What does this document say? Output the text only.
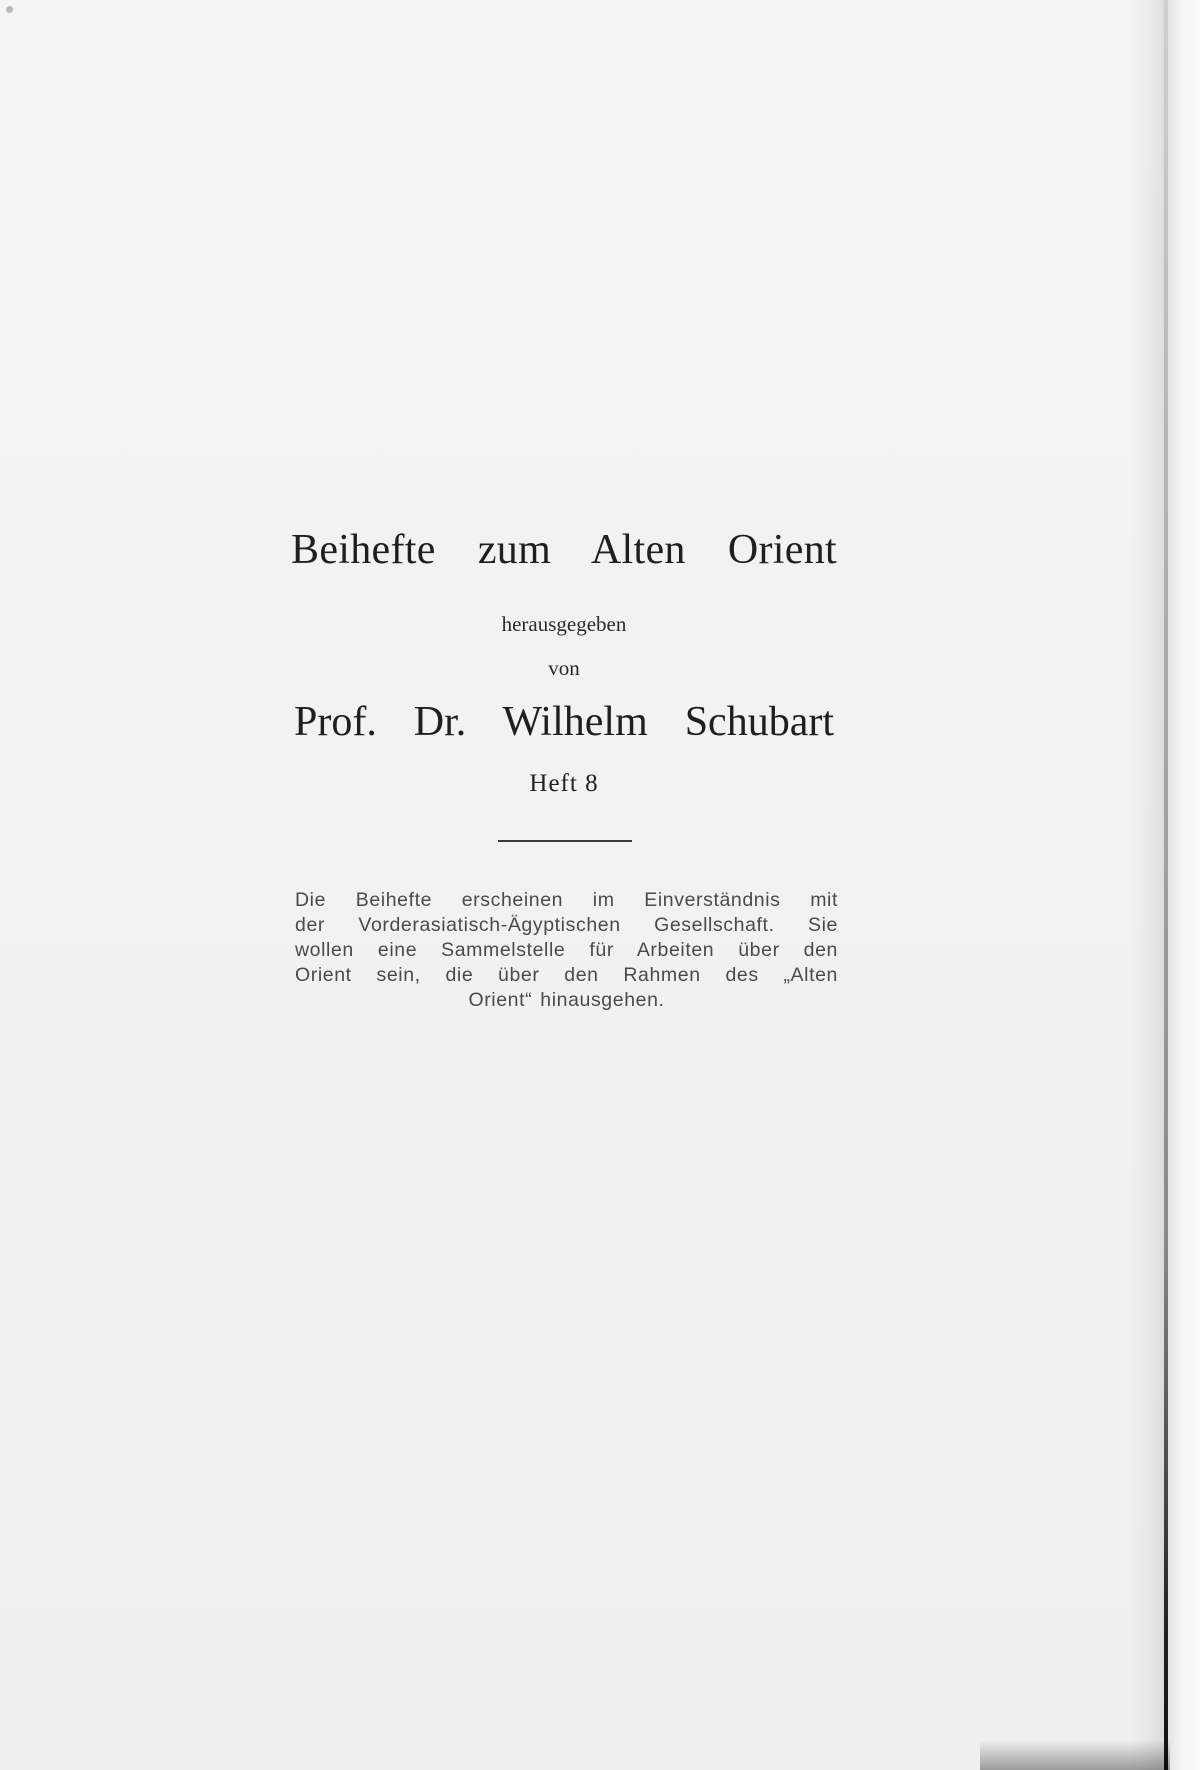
Beihefte zum Alten Orient
herausgegeben
von
Prof. Dr. Wilhelm Schubart
Heft 8
Die Beihefte erscheinen im Einverständnis mit
der Vorderasiatisch-Ägyptischen Gesellschaft. Sie
wollen eine Sammelstelle für Arbeiten über den
Orient sein, die über den Rahmen des „Alten
Orient“ hinausgehen.
